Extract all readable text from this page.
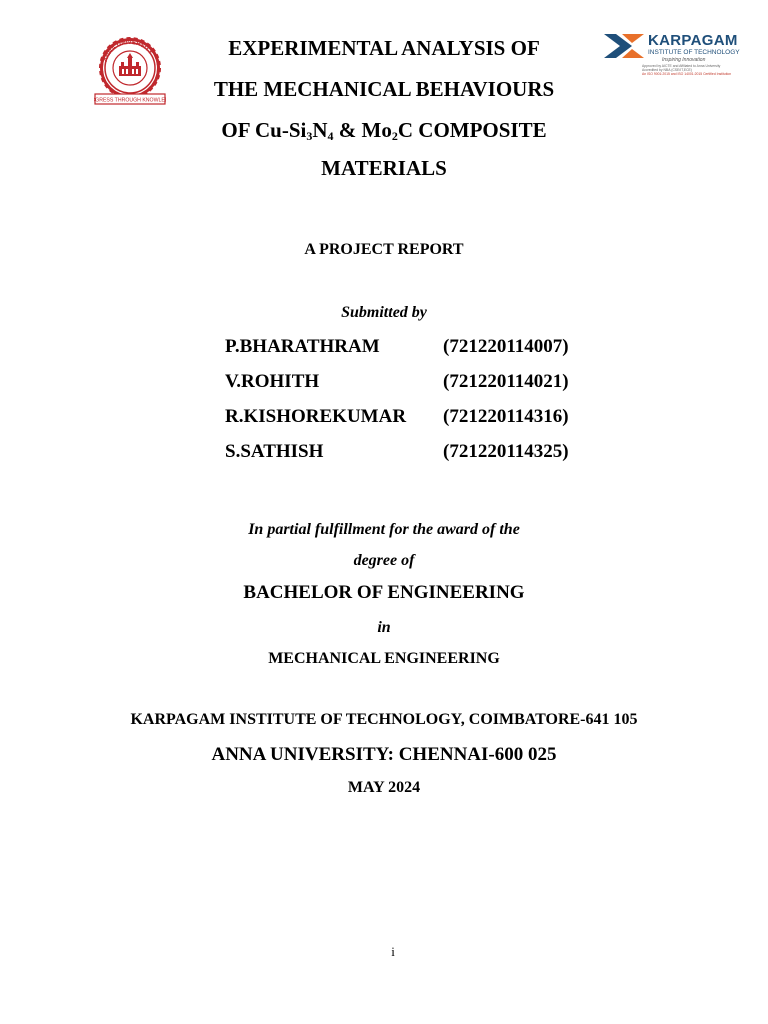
ANNA UNIVERSITY
GRESS THROUGH KNOWLE
KARPAGAM
INSTITUTE OF TECHNOLOGY
Inspiring Innovation
Approved by AICTE and Affiliated to Anna University
Accredited by NBA (CSE/IT,ECE)
An ISO 9001:2015 and ISO 14001:2015 Certified Institution
EXPERIMENTAL ANALYSIS OF
THE MECHANICAL BEHAVIOURS
OF $Cu-Si_3N_4$ & $Mo_2C$ COMPOSITE
MATERIALS
A PROJECT REPORT
Submitted by
P.BHARATHRAM	(721220114007)
V.ROHITH	(721220114021)
R.KISHOREKUMAR (721220114316)
S.SATHISH	(721220114325)
In partial fulfillment for the award of the
degree of
BACHELOR OF ENGINEERING
in
MECHANICAL ENGINEERING
KARPAGAM INSTITUTE OF TECHNOLOGY, COIMBATORE-641 105
ANNA UNIVERSITY: CHENNAI-600 025
MAY 2024
i
